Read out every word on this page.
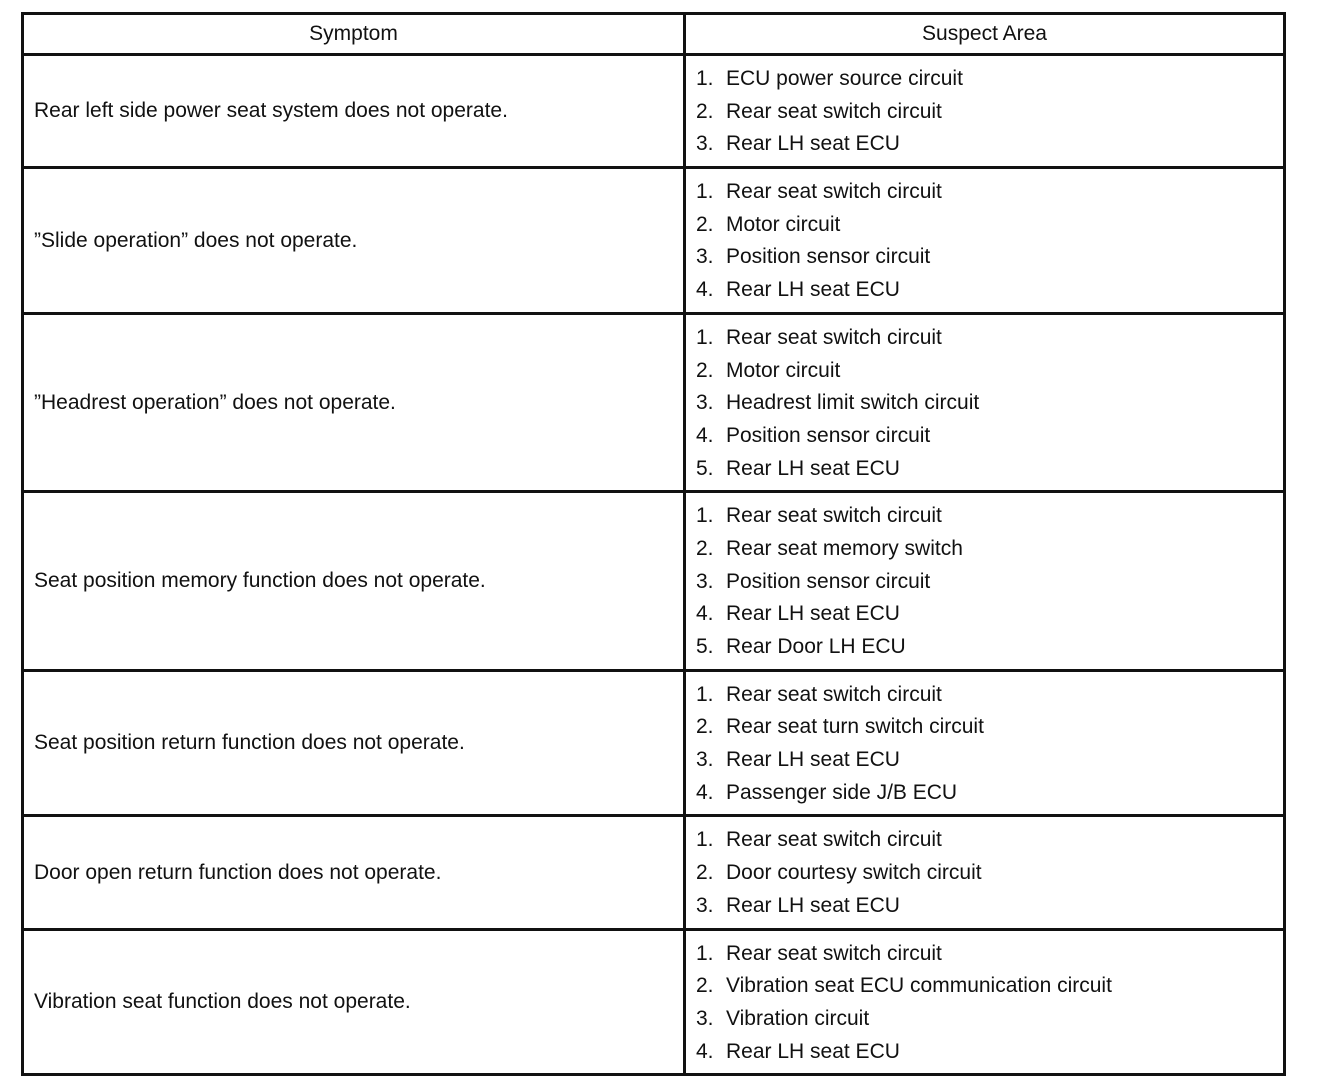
Symptom	Suspect Area
Rear left side power seat system does not operate.	1. ECU power source circuit
2. Rear seat switch circuit
3. Rear LH seat ECU

”Slide operation” does not operate.	1. Rear seat switch circuit
2. Motor circuit
3. Position sensor circuit
4. Rear LH seat ECU

”Headrest operation” does not operate.	1. Rear seat switch circuit
2. Motor circuit
3. Headrest limit switch circuit
4. Position sensor circuit
5. Rear LH seat ECU

Seat position memory function does not operate.	1. Rear seat switch circuit
2. Rear seat memory switch
3. Position sensor circuit
4. Rear LH seat ECU
5. Rear Door LH ECU

Seat position return function does not operate.	1. Rear seat switch circuit
2. Rear seat turn switch circuit
3. Rear LH seat ECU
4. Passenger side J/B ECU

Door open return function does not operate.	1. Rear seat switch circuit
2. Door courtesy switch circuit
3. Rear LH seat ECU

Vibration seat function does not operate.	1. Rear seat switch circuit
2. Vibration seat ECU communication circuit
3. Vibration circuit
4. Rear LH seat ECU
